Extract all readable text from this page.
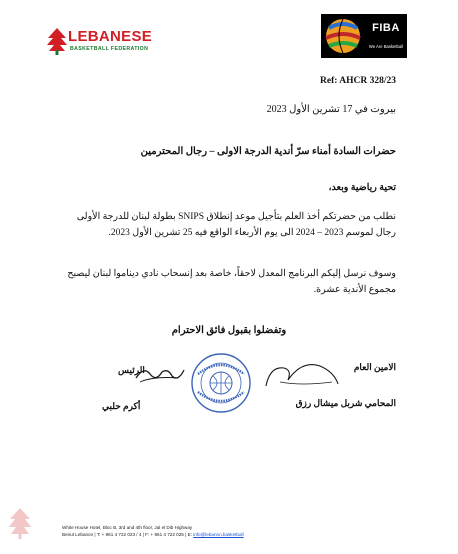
LEBANESE
BASKETBALL FEDERATION
FIBA
We Are Basketball
Ref: AHCR 328/23
بيروت في 17 تشرين الأول 2023
حضرات السادة أمناء سرّ أندية الدرجة الاولى – رجال المحترمين
تحية رياضية وبعد،
نطلب من حضرتكم أخذ العلم بتأجيل موعد إنطلاق SNIPS بطولة لبنان للدرجة الأولى رجال لموسم 2023 – 2024 الى يوم الأربعاء الواقع فيه 25 تشرين الأول 2023.
وسوف نرسل إليكم البرنامج المعدل لاحقاً، خاصة بعد إنسحاب نادي ديناموا لبنان ليصبح مجموع الأندية عشرة.
وتفضلوا بقبول فائق الاحترام
الرئيس
أكرم حلبي
الامين العام
المحامي شربل ميشال رزق
White House Hotel, Bloc B, 3rd and 4th floor, Jal el Dib Highway
Beirut Lebanon | T: + 961 4 722 023 / 4 | F: + 961 4 722 025 | E: info@lebanon.basketball
